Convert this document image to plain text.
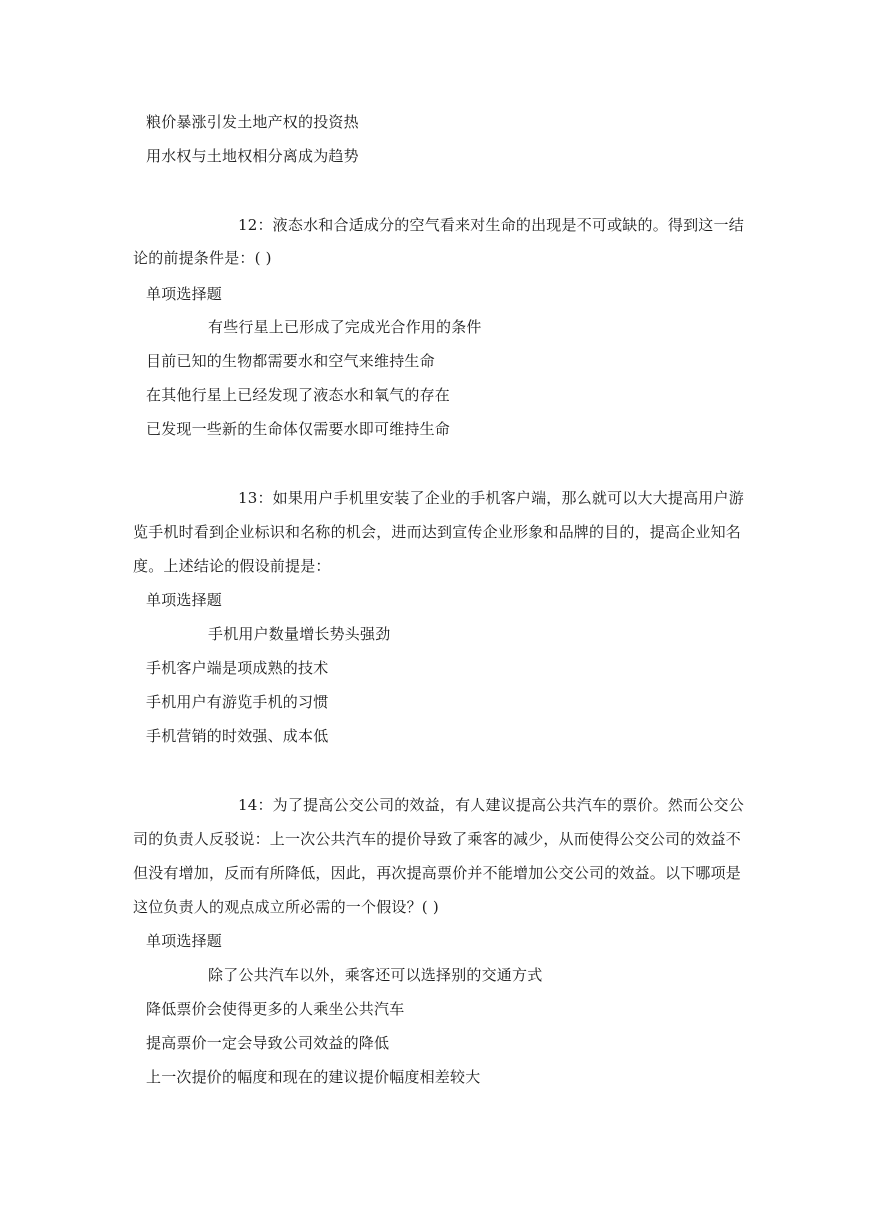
粮价暴涨引发土地产权的投资热
用水权与土地权相分离成为趋势
12：液态水和合适成分的空气看来对生命的出现是不可或缺的。得到这一结
论的前提条件是：( )
单项选择题
有些行星上已形成了完成光合作用的条件
目前已知的生物都需要水和空气来维持生命
在其他行星上已经发现了液态水和氧气的存在
已发现一些新的生命体仅需要水即可维持生命
13：如果用户手机里安装了企业的手机客户端，那么就可以大大提高用户游
览手机时看到企业标识和名称的机会，进而达到宣传企业形象和品牌的目的，提高企业知名
度。上述结论的假设前提是：
单项选择题
手机用户数量增长势头强劲
手机客户端是项成熟的技术
手机用户有游览手机的习惯
手机营销的时效强、成本低
14：为了提高公交公司的效益，有人建议提高公共汽车的票价。然而公交公
司的负责人反驳说：上一次公共汽车的提价导致了乘客的减少，从而使得公交公司的效益不
但没有增加，反而有所降低，因此，再次提高票价并不能增加公交公司的效益。以下哪项是
这位负责人的观点成立所必需的一个假设？( )
单项选择题
除了公共汽车以外，乘客还可以选择别的交通方式
降低票价会使得更多的人乘坐公共汽车
提高票价一定会导致公司效益的降低
上一次提价的幅度和现在的建议提价幅度相差较大
